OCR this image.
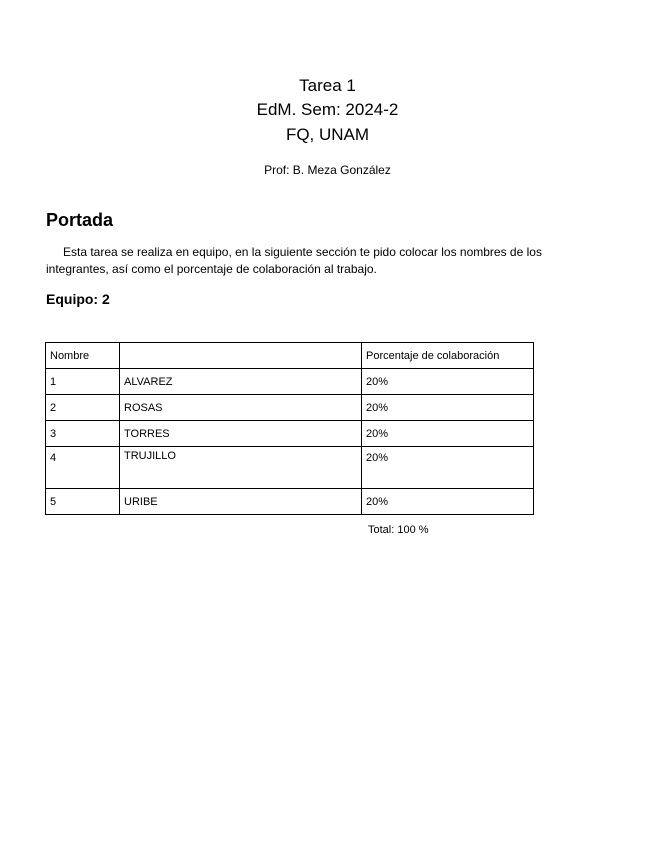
Tarea 1
EdM. Sem: 2024-2
FQ, UNAM
Prof: B. Meza González
Portada
Esta tarea se realiza en equipo, en la siguiente sección te pido colocar los nombres de los integrantes, así como el porcentaje de colaboración al trabajo.
Equipo: 2
Nombre		Porcentaje de colaboración
1	ALVAREZ	20%
2	ROSAS	20%
3	TORRES	20%
4	TRUJILLO	20%
5	URIBE	20%
Total: 100 %
